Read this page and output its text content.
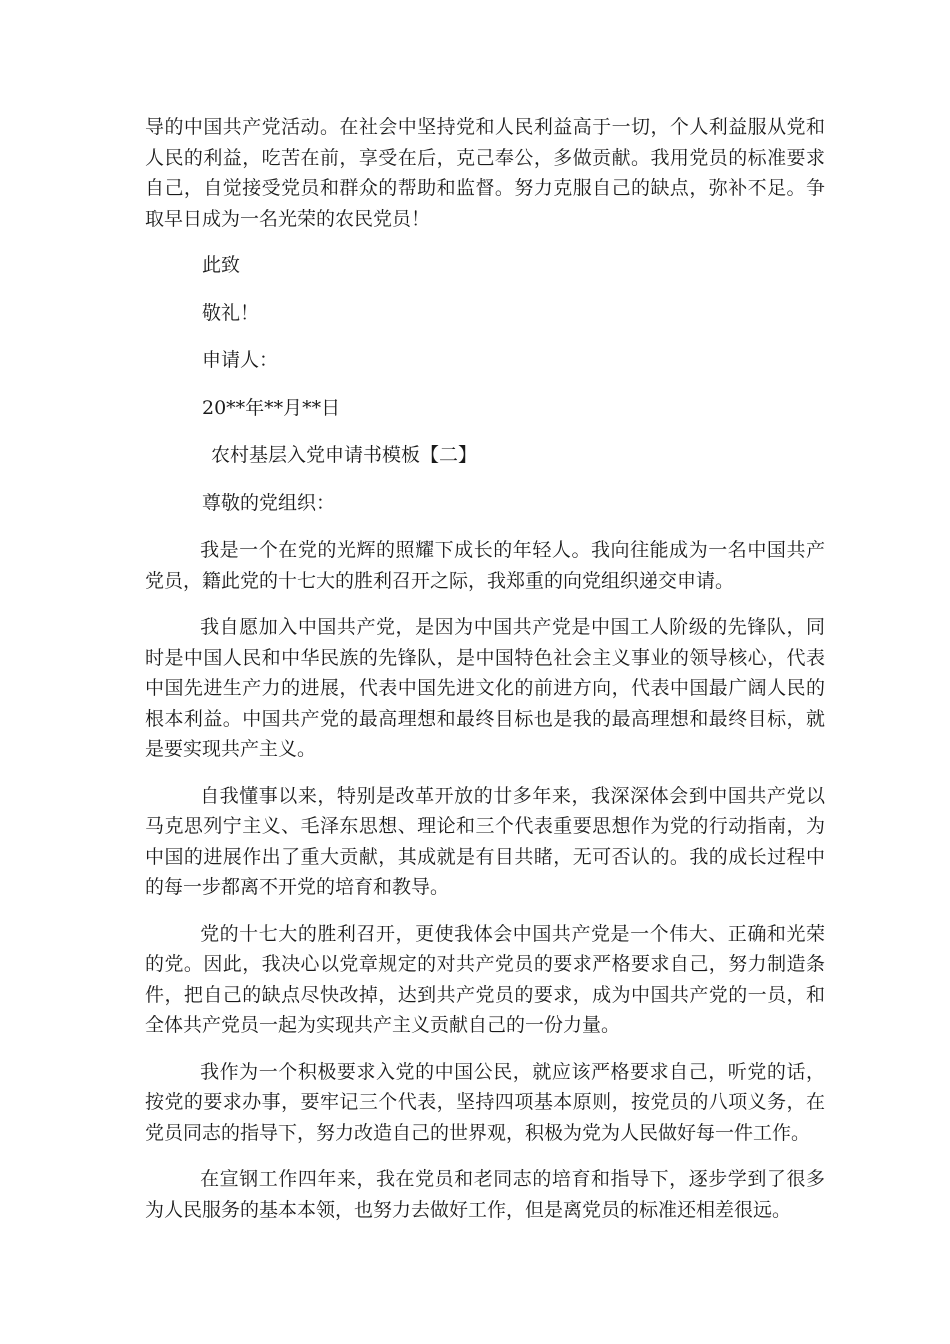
导的中国共产党活动。在社会中坚持党和人民利益高于一切，个人利益服从党和人民的利益，吃苦在前，享受在后，克己奉公，多做贡献。我用党员的标准要求自己，自觉接受党员和群众的帮助和监督。努力克服自己的缺点，弥补不足。争取早日成为一名光荣的农民党员！

此致
敬礼！
申请人：
20**年**月**日
农村基层入党申请书模板【二】
尊敬的党组织：

我是一个在党的光辉的照耀下成长的年轻人。我向往能成为一名中国共产党员，籍此党的十七大的胜利召开之际，我郑重的向党组织递交申请。

我自愿加入中国共产党，是因为中国共产党是中国工人阶级的先锋队，同时是中国人民和中华民族的先锋队，是中国特色社会主义事业的领导核心，代表中国先进生产力的进展，代表中国先进文化的前进方向，代表中国最广阔人民的根本利益。中国共产党的最高理想和最终目标也是我的最高理想和最终目标，就是要实现共产主义。

自我懂事以来，特别是改革开放的廿多年来，我深深体会到中国共产党以马克思列宁主义、毛泽东思想、理论和三个代表重要思想作为党的行动指南，为中国的进展作出了重大贡献，其成就是有目共睹，无可否认的。我的成长过程中的每一步都离不开党的培育和教导。

党的十七大的胜利召开，更使我体会中国共产党是一个伟大、正确和光荣的党。因此，我决心以党章规定的对共产党员的要求严格要求自己，努力制造条件，把自己的缺点尽快改掉，达到共产党员的要求，成为中国共产党的一员，和全体共产党员一起为实现共产主义贡献自己的一份力量。

我作为一个积极要求入党的中国公民，就应该严格要求自己，听党的话，按党的要求办事，要牢记三个代表，坚持四项基本原则，按党员的八项义务，在党员同志的指导下，努力改造自己的世界观，积极为党为人民做好每一件工作。

在宣钢工作四年来，我在党员和老同志的培育和指导下，逐步学到了很多为人民服务的基本本领，也努力去做好工作，但是离党员的标准还相差很远。
